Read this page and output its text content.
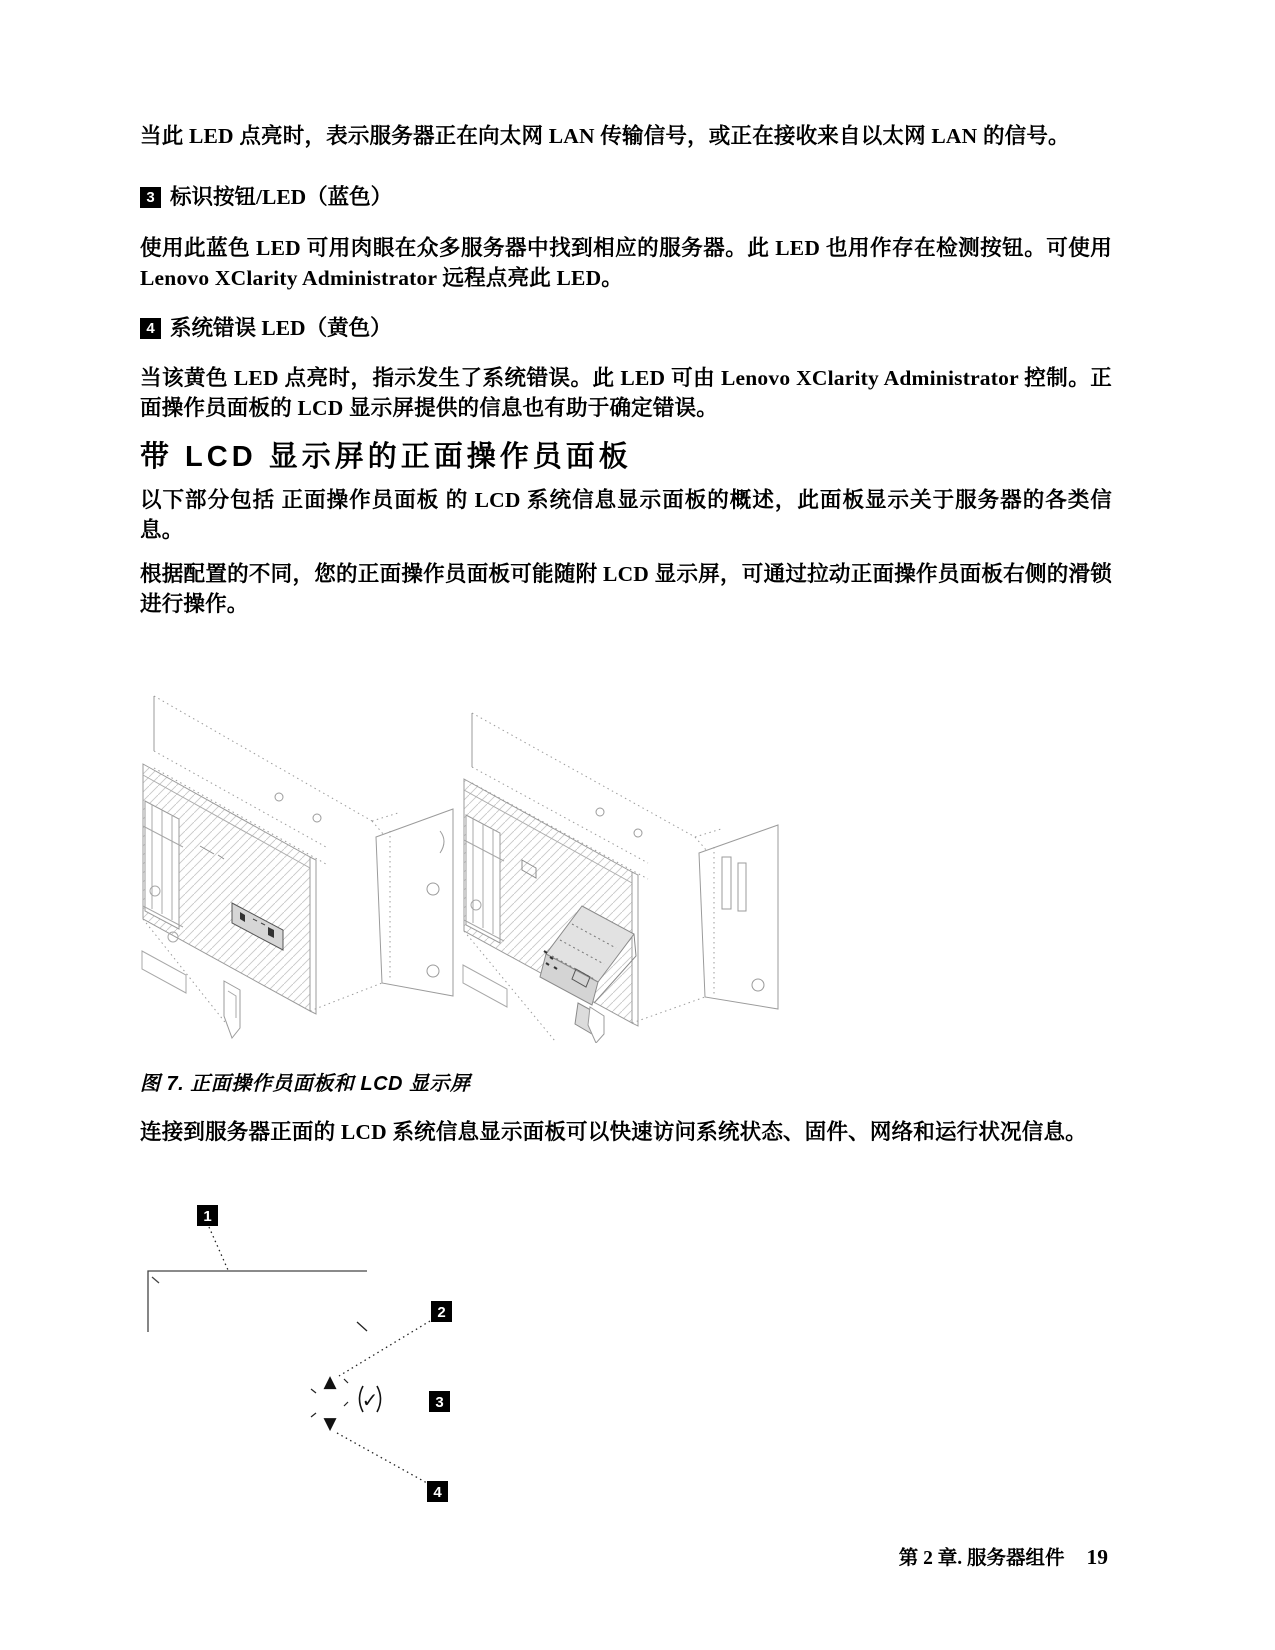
当此 LED 点亮时，表示服务器正在向太网 LAN 传输信号，或正在接收来自以太网 LAN 的信号。

3 标识按钮/LED（蓝色）

使用此蓝色 LED 可用肉眼在众多服务器中找到相应的服务器。此 LED 也用作存在检测按钮。可使用 Lenovo XClarity Administrator 远程点亮此 LED。

4 系统错误 LED（黄色）

当该黄色 LED 点亮时，指示发生了系统错误。此 LED 可由 Lenovo XClarity Administrator 控制。正面操作员面板的 LCD 显示屏提供的信息也有助于确定错误。

带 LCD 显示屏的正面操作员面板

以下部分包括 正面操作员面板 的 LCD 系统信息显示面板的概述，此面板显示关于服务器的各类信息。

根据配置的不同，您的正面操作员面板可能随附 LCD 显示屏，可通过拉动正面操作员面板右侧的滑锁进行操作。

图 7. 正面操作员面板和 LCD 显示屏

连接到服务器正面的 LCD 系统信息显示面板可以快速访问系统状态、固件、网络和运行状况信息。

1
2
▲
▼
✓	3
4
第 2 章. 服务器组件 19
